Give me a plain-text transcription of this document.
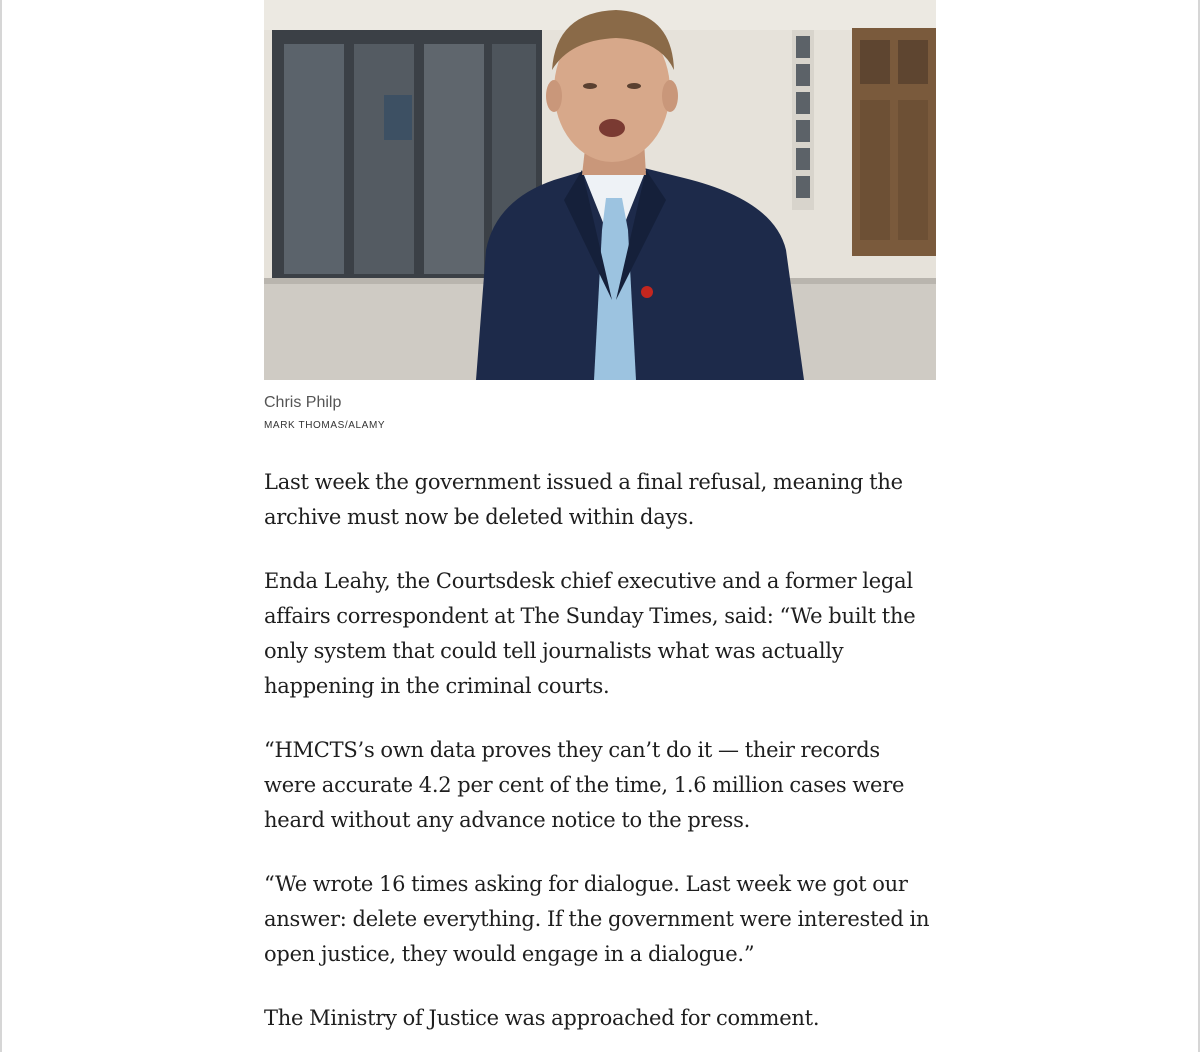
Chris Philp
MARK THOMAS/ALAMY

Last week the government issued a final refusal, meaning the archive must now be deleted within days.

Enda Leahy, the Courtsdesk chief executive and a former legal affairs correspondent at The Sunday Times, said: “We built the only system that could tell journalists what was actually happening in the criminal courts.

“HMCTS’s own data proves they can’t do it — their records were accurate 4.2 per cent of the time, 1.6 million cases were heard without any advance notice to the press.

“We wrote 16 times asking for dialogue. Last week we got our answer: delete everything. If the government were interested in open justice, they would engage in a dialogue.”

The Ministry of Justice was approached for comment.
